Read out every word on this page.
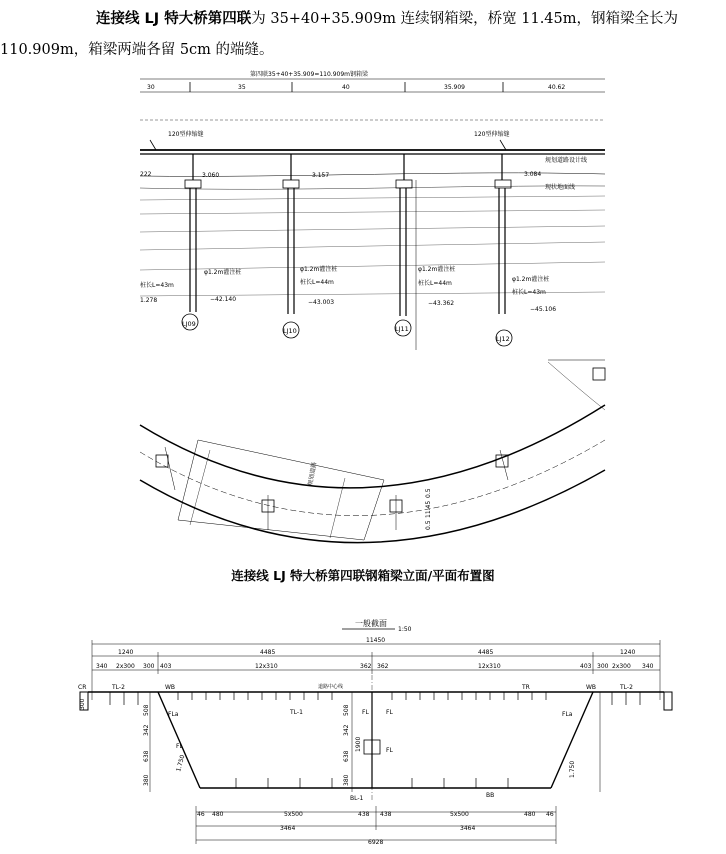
连接线 LJ 特大桥第四联为 35+40+35.909m 连续钢箱梁，桥宽 11.45m，钢箱梁全长为
110.909m，箱梁两端各留 5cm 的端缝。
第四联35+40+35.909=110.909m钢箱梁
30	35	40	35.909	40.62
120型伸缩缝	120型伸缩缝
222
1.278
规划道路设计线
现状地面线
3.060	3.157	3.084
φ1.2m灌注桩
桩长L=43m
−42.140
LJ09
φ1.2m灌注桩
桩长L=44m
−43.003
LJ10
φ1.2m灌注桩
桩长L=44m
−43.362
LJ11
φ1.2m灌注桩
桩长L=43m
−45.106
LJ12
规划道路
0.5
11.45
0.5
一般截面
1:50
11450
1240	4485	4485	1240
340 2x300 300 403	12x310	362 362	12x310	403 300 2x300 340
CR	TL-2	WB
TL-1
TR	WB	TL-2
FL
FL	FL
FL
FLa	FLa
BL-1	BB
道路中心线
300
508
342
638
380
508
342
638
380
1900
1.750	1.750
46 480	5x500	438 438	5x500	480 46
3464	3464
6928
连接线 LJ 特大桥第四联钢箱梁立面/平面布置图
